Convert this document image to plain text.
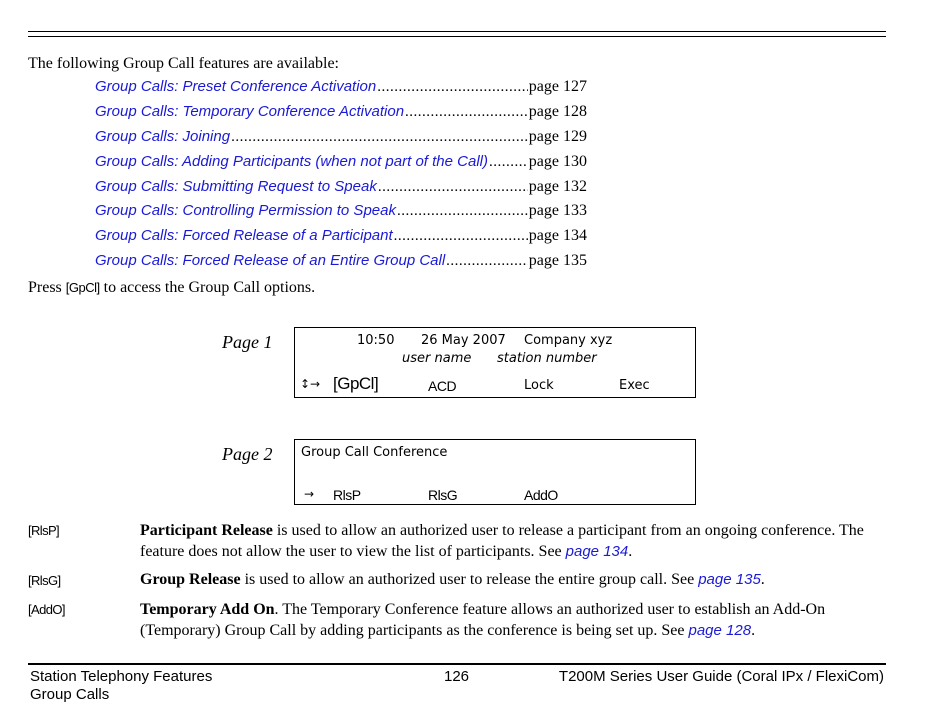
The following Group Call features are available:
Group Calls: Preset Conference Activation .....	page 127
Group Calls: Temporary Conference Activation .....	page 128
Group Calls: Joining .....	page 129
Group Calls: Adding Participants (when not part of the Call) .....	page 130
Group Calls: Submitting Request to Speak .....	page 132
Group Calls: Controlling Permission to Speak .....	page 133
Group Calls: Forced Release of a Participant .....	page 134
Group Calls: Forced Release of an Entire Group Call .....	page 135
Press [GpCl] to access the Group Call options.
Page 1	10:50 26 May 2007 Company xyz
user name station number
↕→ [GpCl]	ACD	Lock	Exec
Page 2 Group Call Conference
→ RlsP	RlsG	AddO
[RlsP]	Participant Release is used to allow an authorized user to release a participant from an ongoing conference. The feature does not allow the user to view the list of participants. See page 134.
[RlsG]	Group Release is used to allow an authorized user to release the entire group call. See page 135.
[AddO]	Temporary Add On. The Temporary Conference feature allows an authorized user to establish an Add-On (Temporary) Group Call by adding participants as the conference is being set up. See page 128.
Station Telephony Features
Group Calls
126	T200M Series User Guide (Coral IPx / FlexiCom)
